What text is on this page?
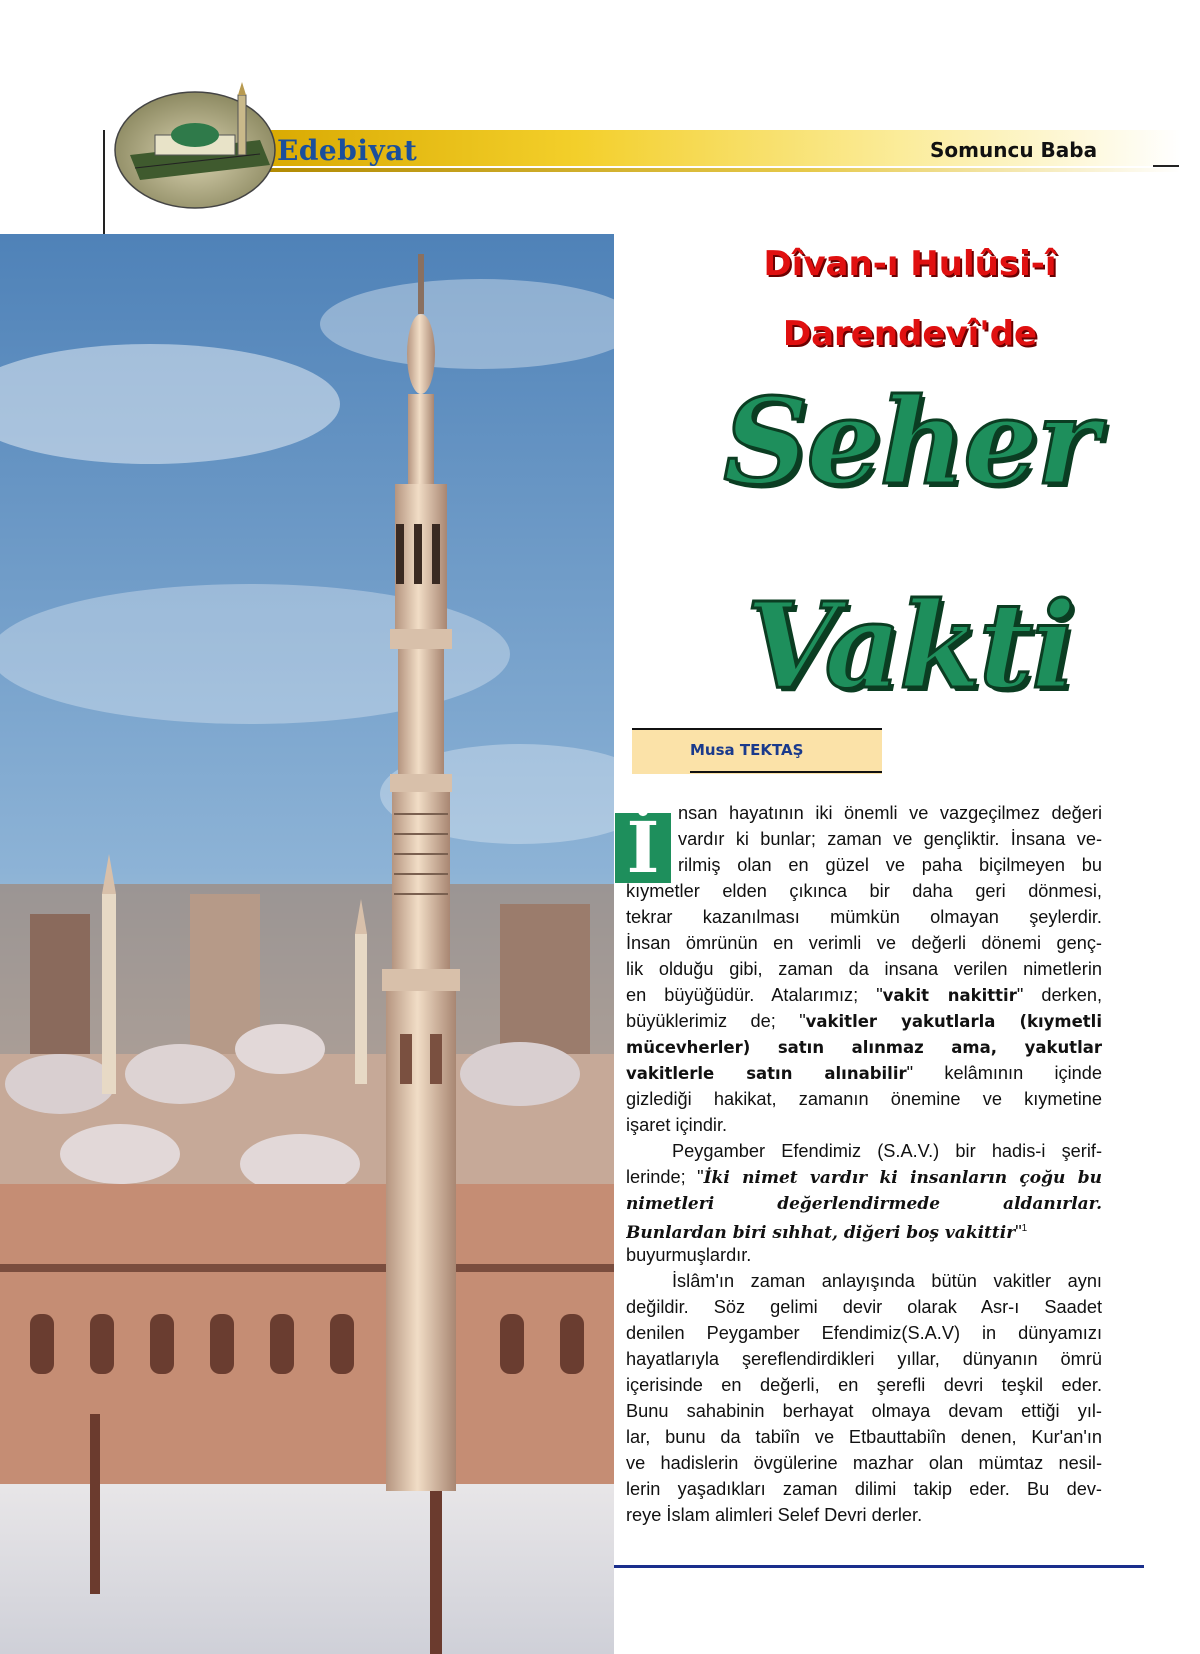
Edebiyat	Somuncu Baba
Dîvan-ı Hulûsi-î
Darendevî'de
Seher
Vakti
Musa TEKTAŞ
İ	nsan hayatının iki önemli ve vazgeçilmez değeri
vardır ki bunlar; zaman ve gençliktir. İnsana ve-
rilmiş olan en güzel ve paha biçilmeyen bu
kıymetler elden çıkınca bir daha geri dönmesi,
tekrar kazanılması mümkün olmayan şeylerdir.
İnsan ömrünün en verimli ve değerli dönemi genç-
lik olduğu gibi, zaman da insana verilen nimetlerin
en büyüğüdür. Atalarımız; "vakit nakittir" derken,
büyüklerimiz de; "vakitler yakutlarla (kıymetli
mücevherler) satın alınmaz ama, yakutlar
vakitlerle satın alınabilir" kelâmının içinde
gizlediği hakikat, zamanın önemine ve kıymetine
işaret içindir.
Peygamber Efendimiz (S.A.V.) bir hadis-i şerif-
lerinde; "İki nimet vardır ki insanların çoğu bu
nimetleri değerlendirmede aldanırlar.
Bunlardan biri sıhhat, diğeri boş vakittir"$^1$
buyurmuşlardır.
İslâm'ın zaman anlayışında bütün vakitler aynı
değildir. Söz gelimi devir olarak Asr-ı Saadet
denilen Peygamber Efendimiz(S.A.V) in dünyamızı
hayatlarıyla şereflendirdikleri yıllar, dünyanın ömrü
içerisinde en değerli, en şerefli devri teşkil eder.
Bunu sahabinin berhayat olmaya devam ettiği yıl-
lar, bunu da tabiîn ve Etbauttabiîn denen, Kur'an'ın
ve hadislerin övgülerine mazhar olan mümtaz nesil-
lerin yaşadıkları zaman dilimi takip eder. Bu dev-
reye İslam alimleri Selef Devri derler.
